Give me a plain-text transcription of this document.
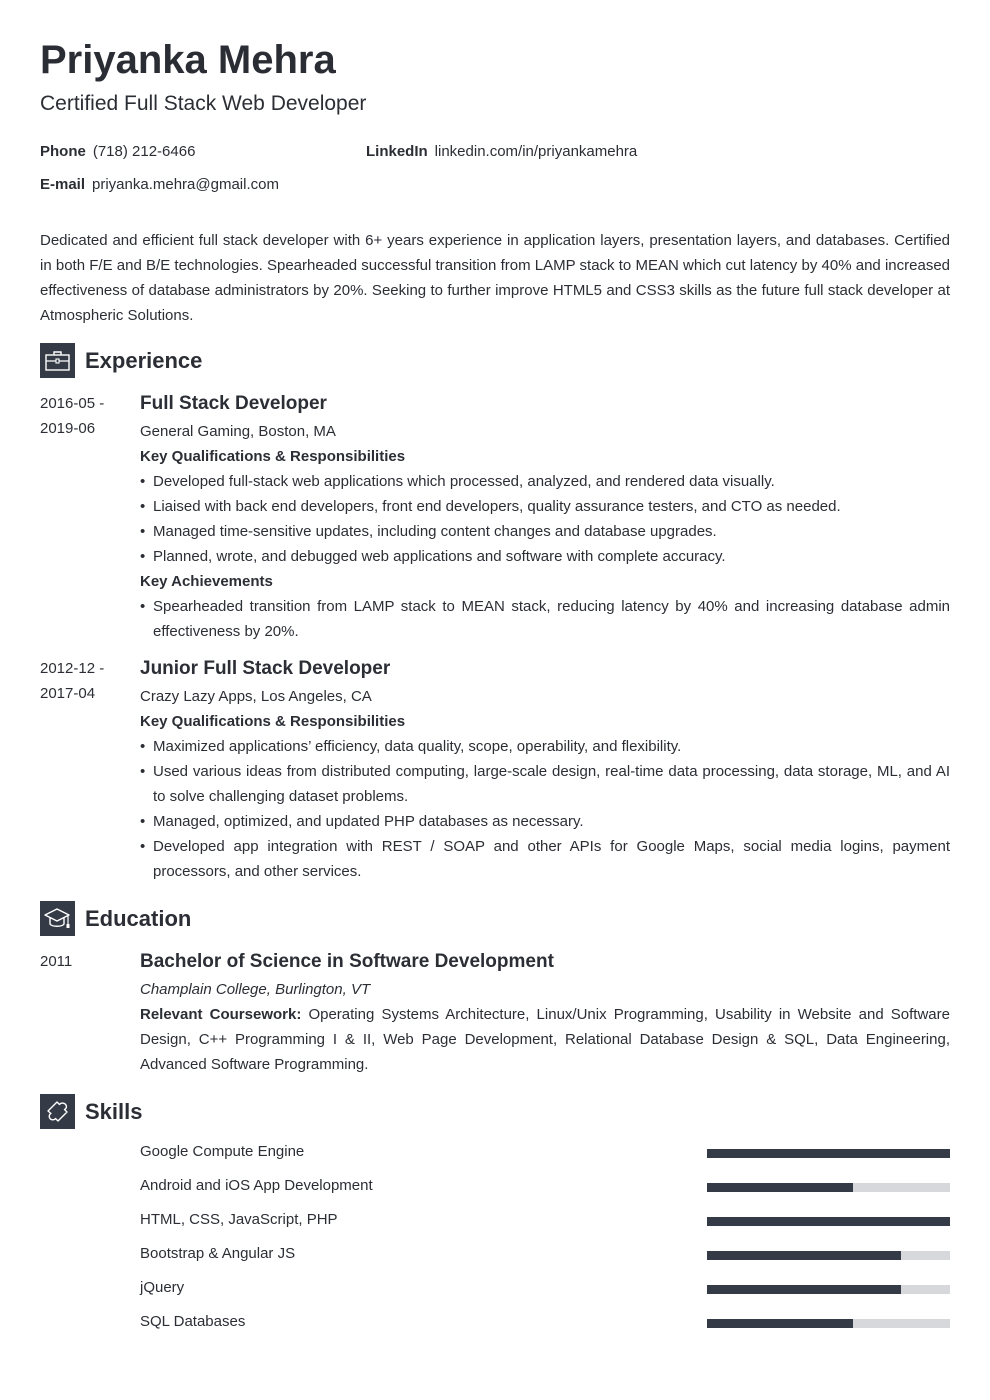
Priyanka Mehra
Certified Full Stack Web Developer
Phone (718) 212-6466	LinkedIn linkedin.com/in/priyankamehra
E-mail priyanka.mehra@gmail.com
Dedicated and efficient full stack developer with 6+ years experience in application layers, presentation layers, and databases. Certified in both F/E and B/E technologies. Spearheaded successful transition from LAMP stack to MEAN which cut latency by 40% and increased effectiveness of database administrators by 20%. Seeking to further improve HTML5 and CSS3 skills as the future full stack developer at Atmospheric Solutions.
Experience
2016-05 -
2019-06
Full Stack Developer
General Gaming, Boston, MA
Key Qualifications & Responsibilities
• Developed full-stack web applications which processed, analyzed, and rendered data visually.
• Liaised with back end developers, front end developers, quality assurance testers, and CTO as needed.
• Managed time-sensitive updates, including content changes and database upgrades.
• Planned, wrote, and debugged web applications and software with complete accuracy.
Key Achievements
• Spearheaded transition from LAMP stack to MEAN stack, reducing latency by 40% and increasing database admin effectiveness by 20%.
2012-12 -
2017-04
Junior Full Stack Developer
Crazy Lazy Apps, Los Angeles, CA
Key Qualifications & Responsibilities
• Maximized applications’ efficiency, data quality, scope, operability, and flexibility.
• Used various ideas from distributed computing, large-scale design, real-time data processing, data storage, ML, and AI to solve challenging dataset problems.
• Managed, optimized, and updated PHP databases as necessary.
• Developed app integration with REST / SOAP and other APIs for Google Maps, social media logins, payment processors, and other services.
Education
2011	Bachelor of Science in Software Development
Champlain College, Burlington, VT
Relevant Coursework: Operating Systems Architecture, Linux/Unix Programming, Usability in Website and Software Design, C++ Programming I & II, Web Page Development, Relational Database Design & SQL, Data Engineering, Advanced Software Programming.
Skills
Google Compute Engine
Android and iOS App Development
HTML, CSS, JavaScript, PHP
Bootstrap & Angular JS
jQuery
SQL Databases
